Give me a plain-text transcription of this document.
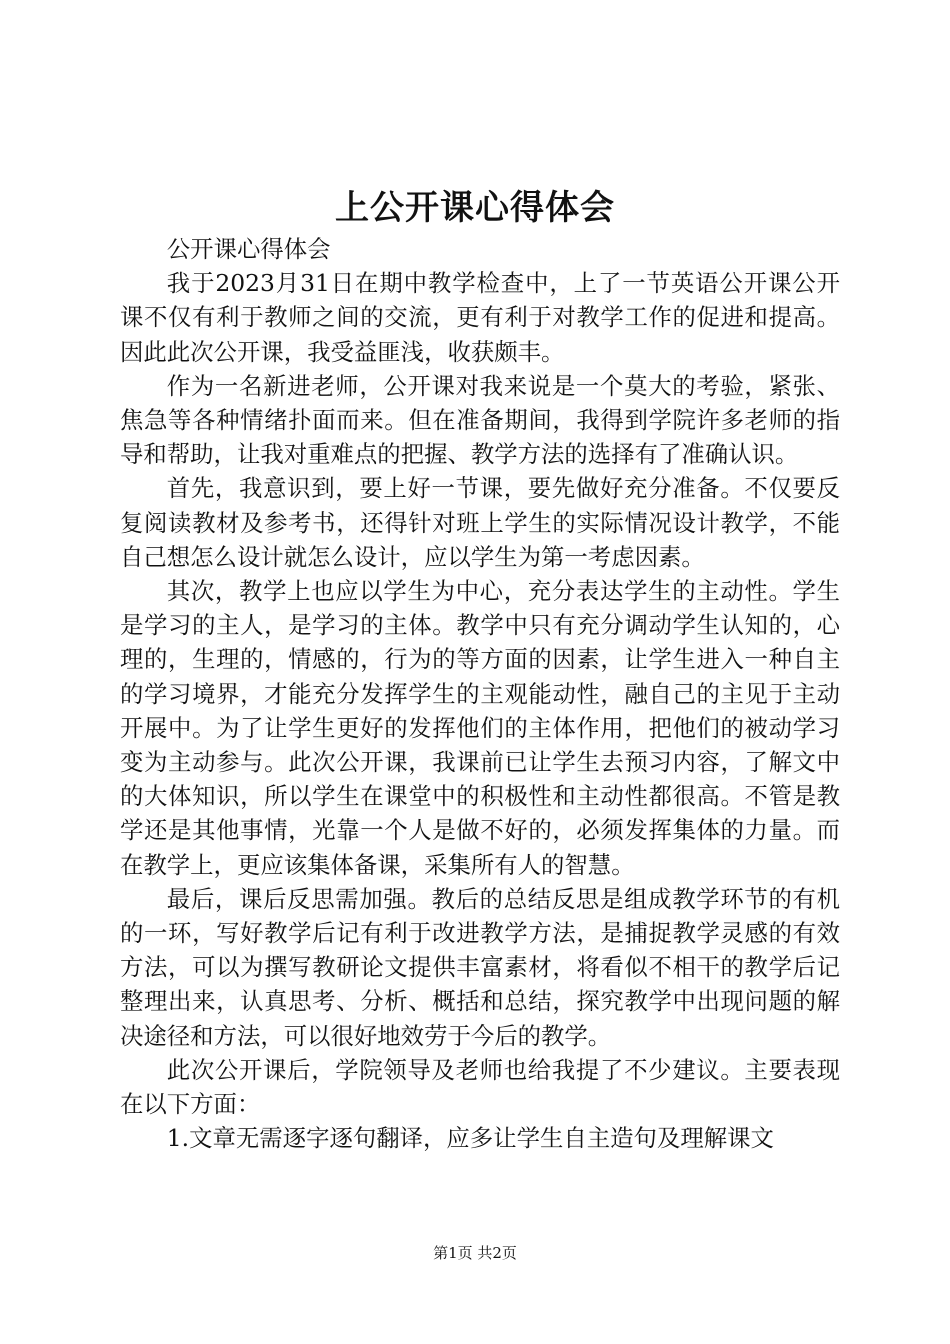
上公开课心得体会

公开课心得体会

我于2023月31日在期中教学检查中，上了一节英语公开课公开课不仅有利于教师之间的交流，更有利于对教学工作的促进和提高。因此此次公开课，我受益匪浅，收获颇丰。

作为一名新进老师，公开课对我来说是一个莫大的考验，紧张、焦急等各种情绪扑面而来。但在准备期间，我得到学院许多老师的指导和帮助，让我对重难点的把握、教学方法的选择有了准确认识。

首先，我意识到，要上好一节课，要先做好充分准备。不仅要反复阅读教材及参考书，还得针对班上学生的实际情况设计教学，不能自己想怎么设计就怎么设计，应以学生为第一考虑因素。

其次，教学上也应以学生为中心，充分表达学生的主动性。学生是学习的主人，是学习的主体。教学中只有充分调动学生认知的，心理的，生理的，情感的，行为的等方面的因素，让学生进入一种自主的学习境界，才能充分发挥学生的主观能动性，融自己的主见于主动开展中。为了让学生更好的发挥他们的主体作用，把他们的被动学习变为主动参与。此次公开课，我课前已让学生去预习内容，了解文中的大体知识，所以学生在课堂中的积极性和主动性都很高。不管是教学还是其他事情，光靠一个人是做不好的，必须发挥集体的力量。而在教学上，更应该集体备课，采集所有人的智慧。

最后，课后反思需加强。教后的总结反思是组成教学环节的有机的一环，写好教学后记有利于改进教学方法，是捕捉教学灵感的有效方法，可以为撰写教研论文提供丰富素材，将看似不相干的教学后记整理出来，认真思考、分析、概括和总结，探究教学中出现问题的解决途径和方法，可以很好地效劳于今后的教学。

此次公开课后，学院领导及老师也给我提了不少建议。主要表现在以下方面：

1.文章无需逐字逐句翻译，应多让学生自主造句及理解课文

第1页 共2页
